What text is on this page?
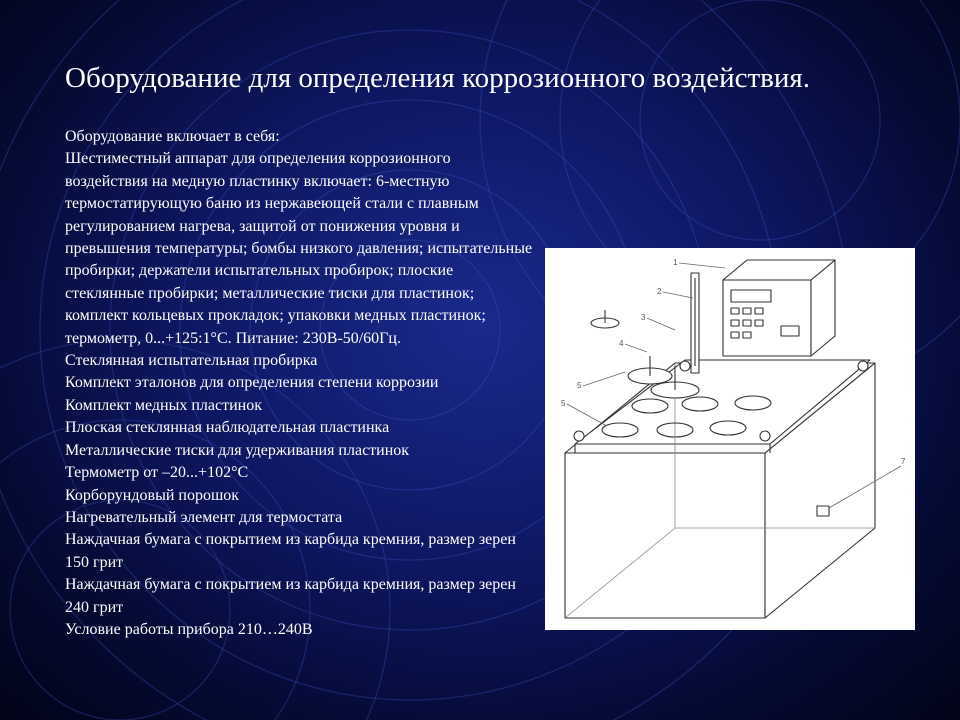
Оборудование для определения коррозионного воздействия.

Оборудование включает в себя:

Шестиместный аппарат для определения коррозионного воздействия на медную пластинку включает: 6-местную термостатирующую баню из нержавеющей стали с плавным регулированием нагрева, защитой от понижения уровня и превышения температуры; бомбы низкого давления; испытательные пробирки; держатели испытательных пробирок; плоские стеклянные пробирки; металлические тиски для пластинок; комплект кольцевых прокладок; упаковки медных пластинок; термометр, 0...+125:1°С. Питание: 230В-50/60Гц.

Стеклянная испытательная пробирка

Комплект эталонов для определения степени коррозии

Комплект медных пластинок

Плоская стеклянная наблюдательная пластинка

Металлические тиски для удерживания пластинок

Термометр от –20...+102°С

Корборундовый порошок

Нагревательный элемент для термостата

Наждачная бумага с покрытием из карбида кремния, размер зерен 150 грит

Наждачная бумага с покрытием из карбида кремния, размер зерен 240 грит

Условие работы прибора 210…240В

1
2
3
4
5
5
7
